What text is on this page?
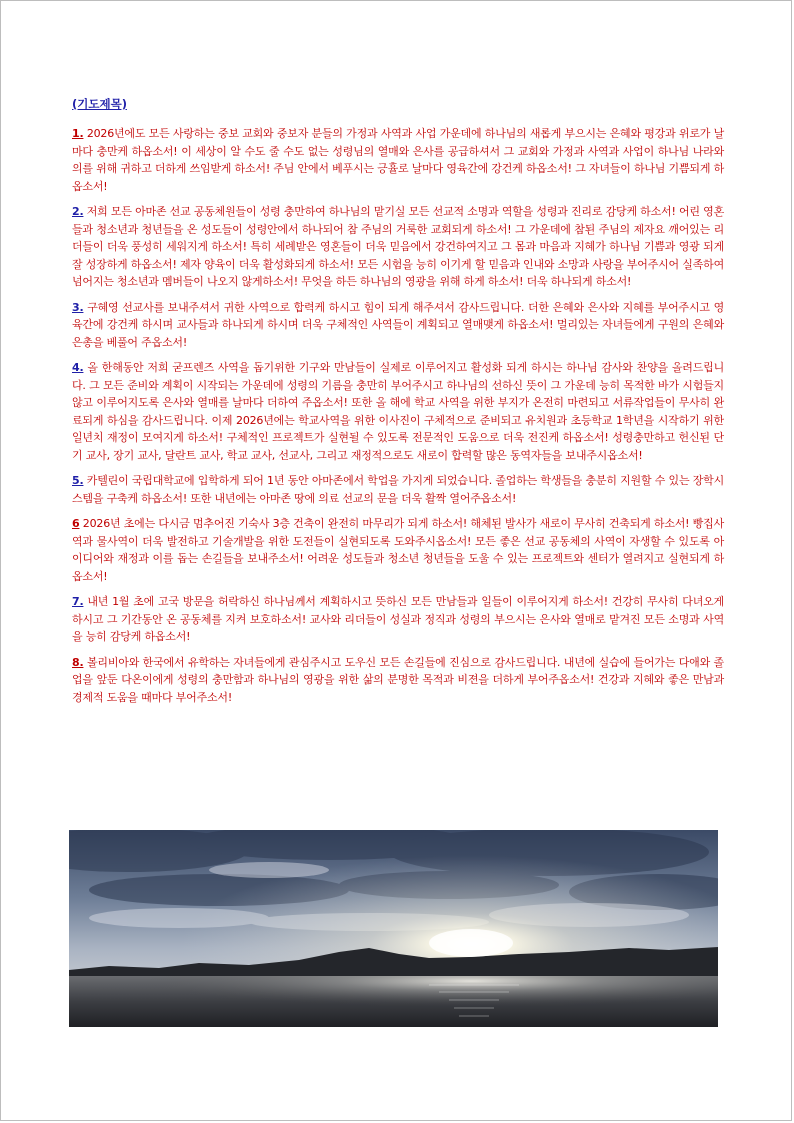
(기도제목)

1. 2026년에도 모든 사랑하는 중보 교회와 중보자 분들의 가정과 사역과 사업 가운데에 하나님의 새롭게 부으시는 은혜와 평강과 위로가 날마다 충만케 하옵소서! 이 세상이 알 수도 줄 수도 없는 성령님의 열매와 은사를 공급하셔서 그 교회와 가정과 사역과 사업이 하나님 나라와 의를 위해 귀하고 더하게 쓰임받게 하소서! 주님 안에서 베푸시는 긍휼로 날마다 영육간에 강건케 하옵소서! 그 자녀들이 하나님 기쁨되게 하옵소서!

2. 저희 모든 아마존 선교 공동체원들이 성령 충만하여 하나님의 맡기실 모든 선교적 소명과 역할을 성령과 진리로 감당케 하소서! 어린 영혼들과 청소년과 청년들을 온 성도들이 성령안에서 하나되어 참 주님의 거룩한 교회되게 하소서! 그 가운데에 참된 주님의 제자요 깨어있는 리더들이 더욱 풍성히 세워지게 하소서! 특히 세례받은 영혼들이 더욱 믿음에서 강건하여지고 그 몸과 마음과 지혜가 하나님 기쁨과 영광 되게 잘 성장하게 하옵소서! 제자 양육이 더욱 활성화되게 하소서! 모든 시험을 능히 이기게 할 믿음과 인내와 소망과 사랑을 부어주시어 실족하여 넘어지는 청소년과 멤버들이 나오지 않게하소서! 무엇을 하든 하나님의 영광을 위해 하게 하소서! 더욱 하나되게 하소서!

3. 구혜영 선교사를 보내주셔서 귀한 사역으로 합력케 하시고 힘이 되게 해주셔서 감사드립니다. 더한 은혜와 은사와 지혜를 부어주시고 영육간에 강건케 하시며 교사들과 하나되게 하시며 더욱 구체적인 사역들이 계획되고 열매맺게 하옵소서! 멀리있는 자녀들에게 구원의 은혜와 은총을 베풀어 주옵소서!

4. 올 한해동안 저희 굳프렌즈 사역을 돕기위한 기구와 만남들이 실제로 이루어지고 활성화 되게 하시는 하나님 감사와 찬양을 올려드립니다. 그 모든 준비와 계획이 시작되는 가운데에 성령의 기름을 충만히 부어주시고 하나님의 선하신 뜻이 그 가운데 능히 목적한 바가 시험들지 않고 이루어지도록 은사와 열매를 날마다 더하여 주옵소서! 또한 올 해에 학교 사역을 위한 부지가 온전히 마련되고 서류작업들이 무사히 완료되게 하심을 감사드립니다. 이제 2026년에는 학교사역을 위한 이사진이 구체적으로 준비되고 유치원과 초등학교 1학년을 시작하기 위한 일년치 재정이 모여지게 하소서! 구체적인 프로젝트가 실현될 수 있도록 전문적인 도움으로 더욱 전진케 하옵소서! 성령충만하고 헌신된 단기 교사, 장기 교사, 달란트 교사, 학교 교사, 선교사, 그리고 재정적으로도 새로이 합력할 많은 동역자들을 보내주시옵소서!

5. 카텔린이 국립대학교에 입학하게 되어 1년 동안 아마존에서 학업을 가지게 되었습니다. 졸업하는 학생들을 충분히 지원할 수 있는 장학시스템을 구축케 하옵소서! 또한 내년에는 아마존 땅에 의료 선교의 문을 더욱 활짝 열어주옵소서!

6 2026년 초에는 다시금 멈추어진 기숙사 3층 건축이 완전히 마무리가 되게 하소서! 해체된 발사가 새로이 무사히 건축되게 하소서! 빵집사역과 물사역이 더욱 발전하고 기술개발을 위한 도전들이 실현되도록 도와주시옵소서! 모든 좋은 선교 공동체의 사역이 자생할 수 있도록 아이디어와 재정과 이를 돕는 손길들을 보내주소서! 어려운 성도들과 청소년 청년들을 도울 수 있는 프로젝트와 센터가 열려지고 실현되게 하옵소서!

7. 내년 1월 초에 고국 방문을 허락하신 하나님께서 계획하시고 뜻하신 모든 만남들과 일들이 이루어지게 하소서! 건강히 무사히 다녀오게 하시고 그 기간동안 온 공동체를 지켜 보호하소서! 교사와 리더들이 성실과 정직과 성령의 부으시는 은사와 열매로 맡겨진 모든 소명과 사역을 능히 감당케 하옵소서!

8. 볼리비아와 한국에서 유학하는 자녀들에게 관심주시고 도우신 모든 손길들에 진심으로 감사드립니다. 내년에 실습에 들어가는 다애와 졸업을 앞둔 다온이에게 성령의 충만함과 하나님의 영광을 위한 삶의 분명한 목적과 비젼을 더하게 부어주옵소서! 건강과 지혜와 좋은 만남과 경제적 도움을 때마다 부어주소서!
